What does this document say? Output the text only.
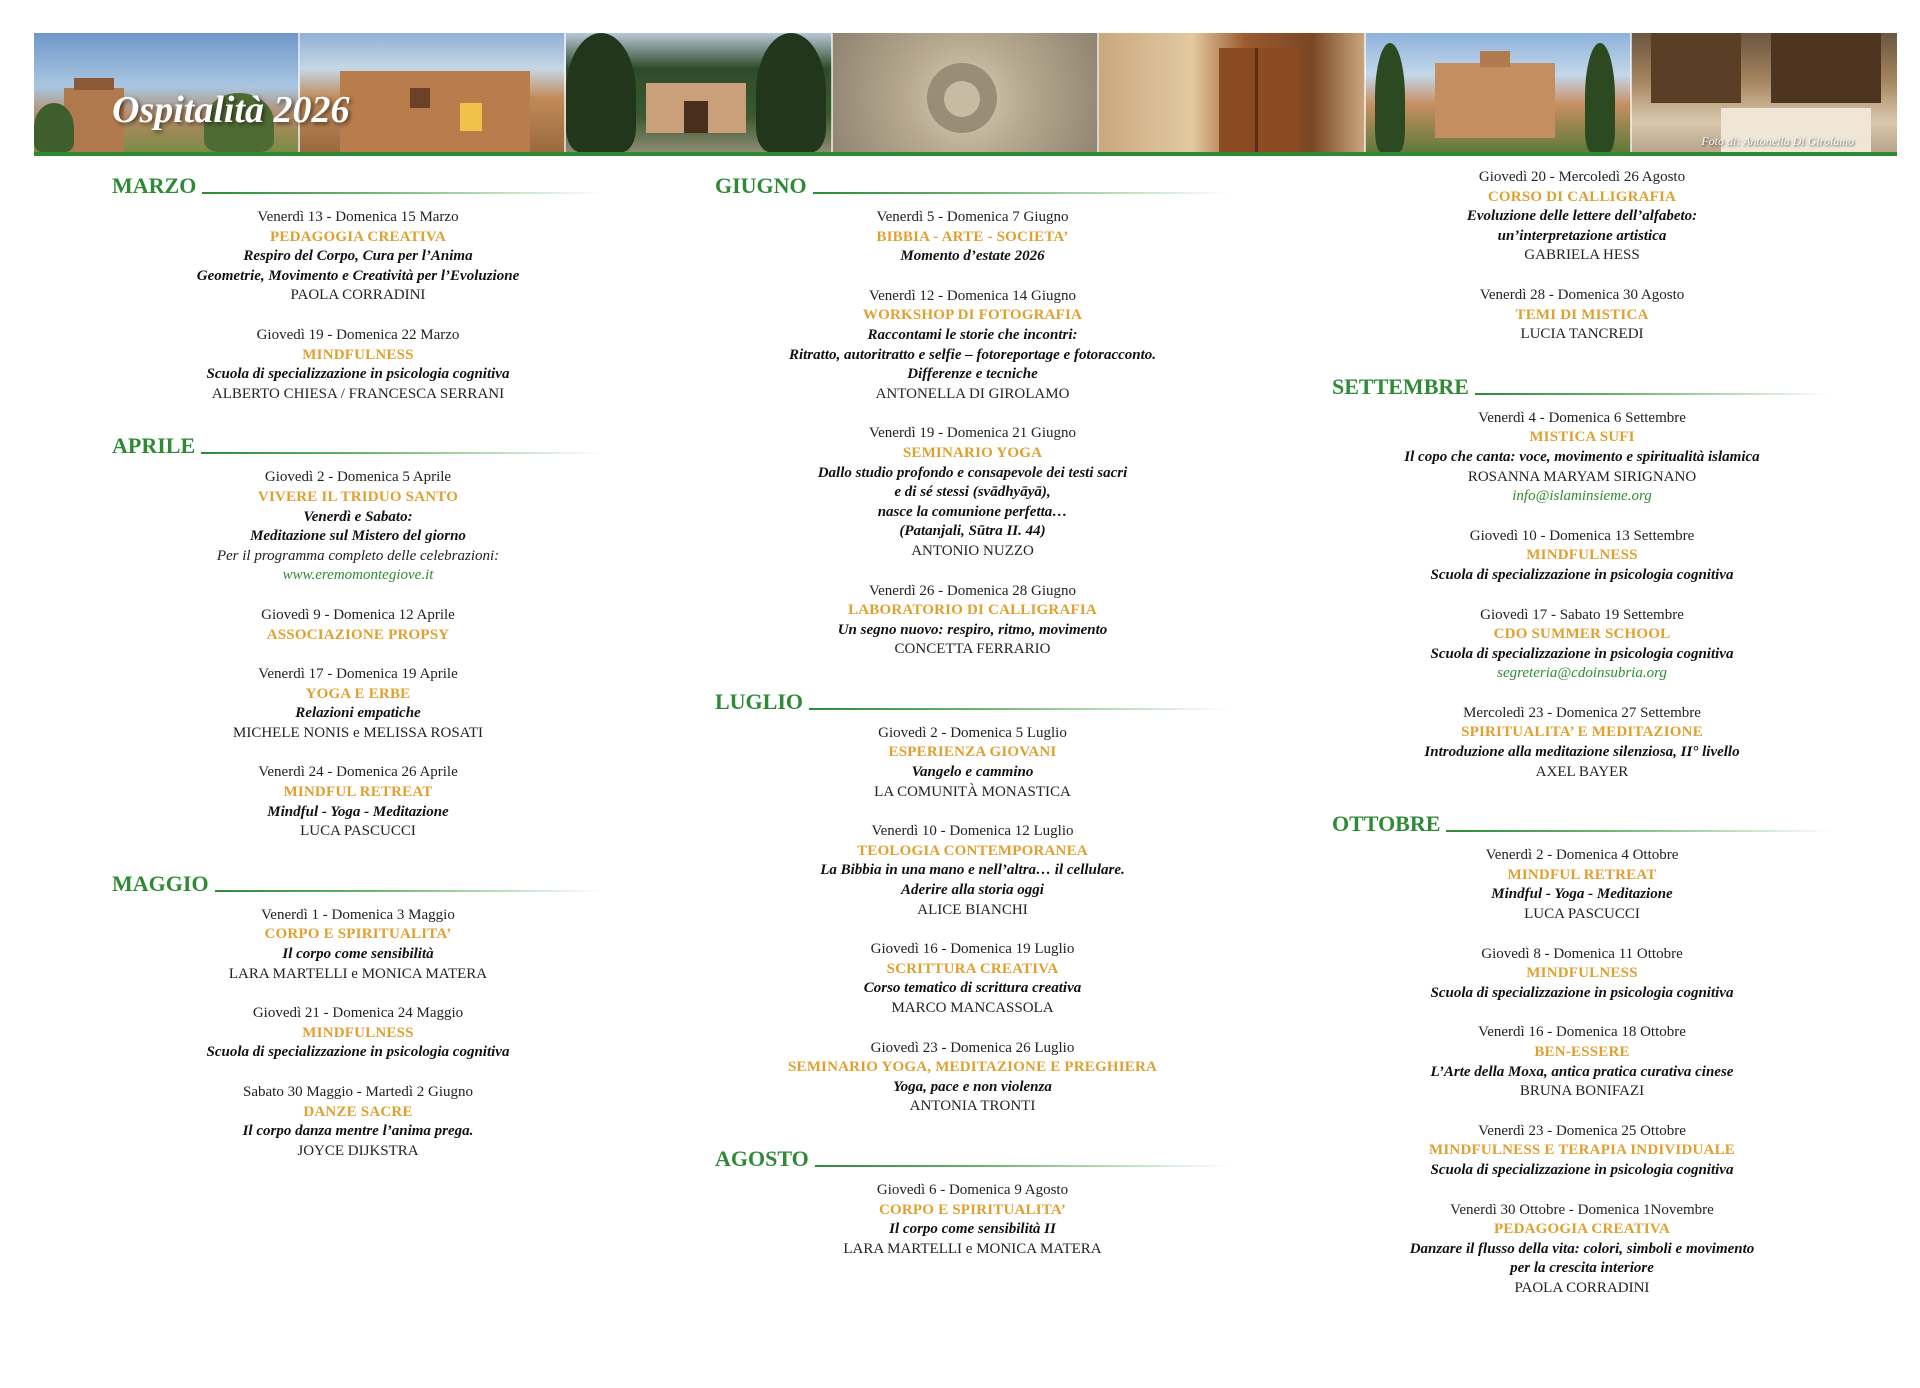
Ospitalità 2026
Foto di: Antonella Di Girolamo
MARZO
Venerdì 13 - Domenica 15 Marzo
PEDAGOGIA CREATIVA
Respiro del Corpo, Cura per l’Anima
Geometrie, Movimento e Creatività per l’Evoluzione
PAOLA CORRADINI
Giovedì 19 - Domenica 22 Marzo
MINDFULNESS
Scuola di specializzazione in psicologia cognitiva
ALBERTO CHIESA / FRANCESCA SERRANI
APRILE
Giovedì 2 - Domenica 5 Aprile
VIVERE IL TRIDUO SANTO
Venerdì e Sabato:
Meditazione sul Mistero del giorno
Per il programma completo delle celebrazioni:
www.eremomontegiove.it
Giovedì 9 - Domenica 12 Aprile
ASSOCIAZIONE PROPSY
Venerdì 17 - Domenica 19 Aprile
YOGA E ERBE
Relazioni empatiche
MICHELE NONIS e MELISSA ROSATI
Venerdì 24 - Domenica 26 Aprile
MINDFUL RETREAT
Mindful - Yoga - Meditazione
LUCA PASCUCCI
MAGGIO
Venerdì 1 - Domenica 3 Maggio
CORPO E SPIRITUALITA’
Il corpo come sensibilità
LARA MARTELLI e MONICA MATERA
Giovedì 21 - Domenica 24 Maggio
MINDFULNESS
Scuola di specializzazione in psicologia cognitiva
Sabato 30 Maggio - Martedì 2 Giugno
DANZE SACRE
Il corpo danza mentre l’anima prega.
JOYCE DIJKSTRA
GIUGNO
Venerdì 5 - Domenica 7 Giugno
BIBBIA - ARTE - SOCIETA’
Momento d’estate 2026
Venerdì 12 - Domenica 14 Giugno
WORKSHOP DI FOTOGRAFIA
Raccontami le storie che incontri:
Ritratto, autoritratto e selfie – fotoreportage e fotoracconto.
Differenze e tecniche
ANTONELLA DI GIROLAMO
Venerdì 19 - Domenica 21 Giugno
SEMINARIO YOGA
Dallo studio profondo e consapevole dei testi sacri
e di sé stessi (svādhyāyā),
nasce la comunione perfetta…
(Patanjali, Sūtra II. 44)
ANTONIO NUZZO
Venerdì 26 - Domenica 28 Giugno
LABORATORIO DI CALLIGRAFIA
Un segno nuovo: respiro, ritmo, movimento
CONCETTA FERRARIO
LUGLIO
Giovedì 2 - Domenica 5 Luglio
ESPERIENZA GIOVANI
Vangelo e cammino
LA COMUNITÀ MONASTICA
Venerdì 10 - Domenica 12 Luglio
TEOLOGIA CONTEMPORANEA
La Bibbia in una mano e nell’altra… il cellulare.
Aderire alla storia oggi
ALICE BIANCHI
Giovedì 16 - Domenica 19 Luglio
SCRITTURA CREATIVA
Corso tematico di scrittura creativa
MARCO MANCASSOLA
Giovedì 23 - Domenica 26 Luglio
SEMINARIO YOGA, MEDITAZIONE E PREGHIERA
Yoga, pace e non violenza
ANTONIA TRONTI
AGOSTO
Giovedì 6 - Domenica 9 Agosto
CORPO E SPIRITUALITA’
Il corpo come sensibilità II
LARA MARTELLI e MONICA MATERA
Giovedì 20 - Mercoledì 26 Agosto
CORSO DI CALLIGRAFIA
Evoluzione delle lettere dell’alfabeto:
un’interpretazione artistica
GABRIELA HESS
Venerdì 28 - Domenica 30 Agosto
TEMI DI MISTICA
LUCIA TANCREDI
SETTEMBRE
Venerdì 4 - Domenica 6 Settembre
MISTICA SUFI
Il copo che canta: voce, movimento e spiritualità islamica
ROSANNA MARYAM SIRIGNANO
info@islaminsieme.org
Giovedì 10 - Domenica 13 Settembre
MINDFULNESS
Scuola di specializzazione in psicologia cognitiva
Giovedì 17 - Sabato 19 Settembre
CDO SUMMER SCHOOL
Scuola di specializzazione in psicologia cognitiva
segreteria@cdoinsubria.org
Mercoledì 23 - Domenica 27 Settembre
SPIRITUALITA’ E MEDITAZIONE
Introduzione alla meditazione silenziosa, II° livello
AXEL BAYER
OTTOBRE
Venerdì 2 - Domenica 4 Ottobre
MINDFUL RETREAT
Mindful - Yoga - Meditazione
LUCA PASCUCCI
Giovedì 8 - Domenica 11 Ottobre
MINDFULNESS
Scuola di specializzazione in psicologia cognitiva
Venerdì 16 - Domenica 18 Ottobre
BEN-ESSERE
L’Arte della Moxa, antica pratica curativa cinese
BRUNA BONIFAZI
Venerdì 23 - Domenica 25 Ottobre
MINDFULNESS E TERAPIA INDIVIDUALE
Scuola di specializzazione in psicologia cognitiva
Venerdì 30 Ottobre - Domenica 1Novembre
PEDAGOGIA CREATIVA
Danzare il flusso della vita: colori, simboli e movimento
per la crescita interiore
PAOLA CORRADINI
